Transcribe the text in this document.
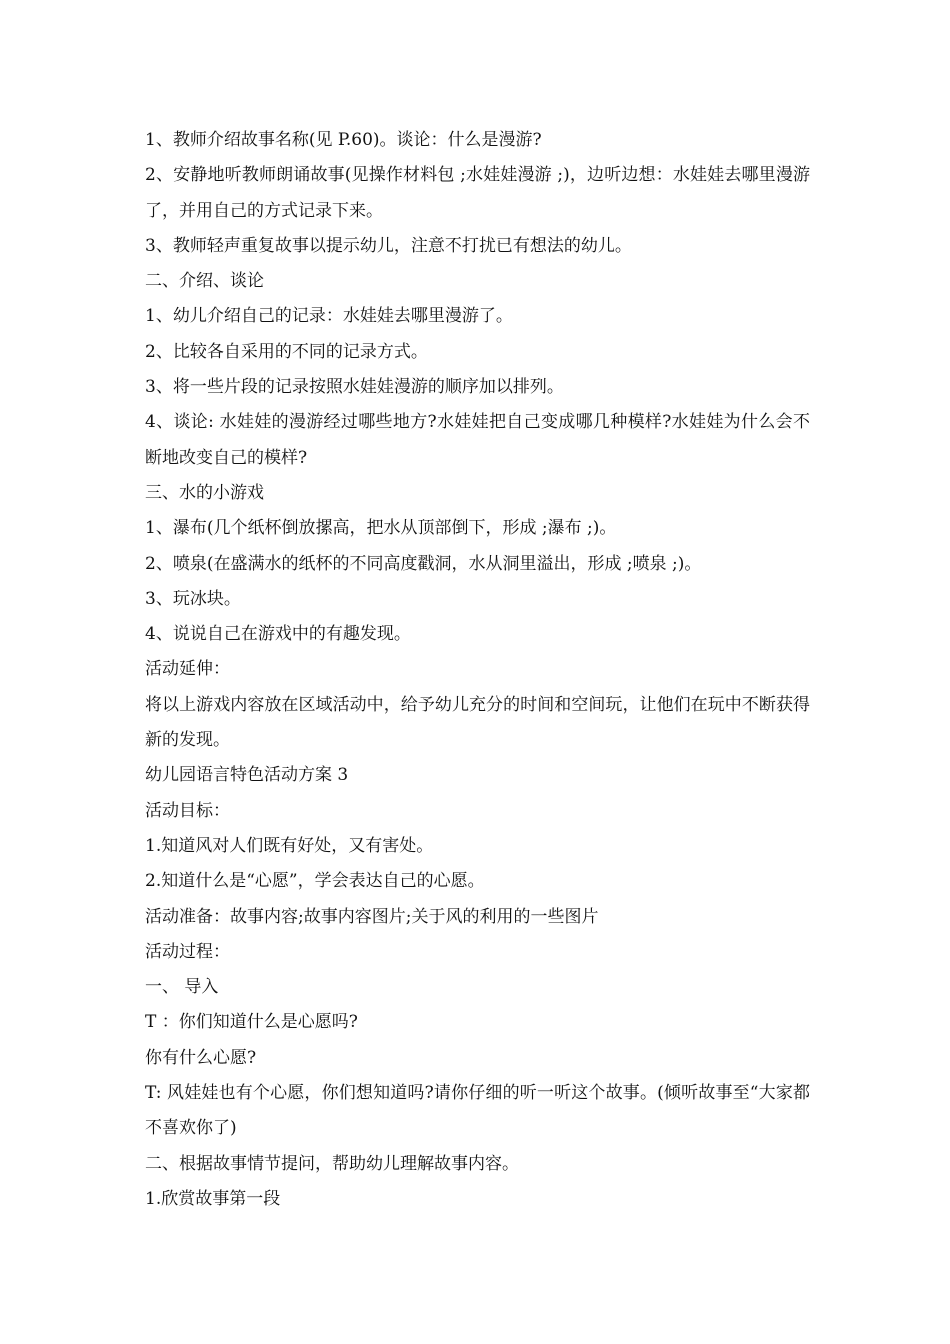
1、教师介绍故事名称(见 P.60)。谈论：什么是漫游?

2、安静地听教师朗诵故事(见操作材料包 ;水娃娃漫游 ;)，边听边想：水娃娃去哪里漫游了，并用自己的方式记录下来。

3、教师轻声重复故事以提示幼儿，注意不打扰已有想法的幼儿。

二、介绍、谈论

1、幼儿介绍自己的记录：水娃娃去哪里漫游了。

2、比较各自采用的不同的记录方式。

3、将一些片段的记录按照水娃娃漫游的顺序加以排列。

4、谈论: 水娃娃的漫游经过哪些地方?水娃娃把自己变成哪几种模样?水娃娃为什么会不断地改变自己的模样?

三、水的小游戏

1、瀑布(几个纸杯倒放摞高，把水从顶部倒下，形成 ;瀑布 ;)。

2、喷泉(在盛满水的纸杯的不同高度戳洞，水从洞里溢出，形成 ;喷泉 ;)。

3、玩冰块。

4、说说自己在游戏中的有趣发现。

活动延伸：

将以上游戏内容放在区域活动中，给予幼儿充分的时间和空间玩，让他们在玩中不断获得新的发现。

幼儿园语言特色活动方案 3

活动目标：

1.知道风对人们既有好处，又有害处。

2.知道什么是“心愿”，学会表达自己的心愿。

活动准备：故事内容;故事内容图片;关于风的利用的一些图片

活动过程：

一、 导入

T ：你们知道什么是心愿吗?

你有什么心愿?

T: 风娃娃也有个心愿，你们想知道吗?请你仔细的听一听这个故事。(倾听故事至“大家都不喜欢你了)

二、根据故事情节提问，帮助幼儿理解故事内容。

1.欣赏故事第一段
